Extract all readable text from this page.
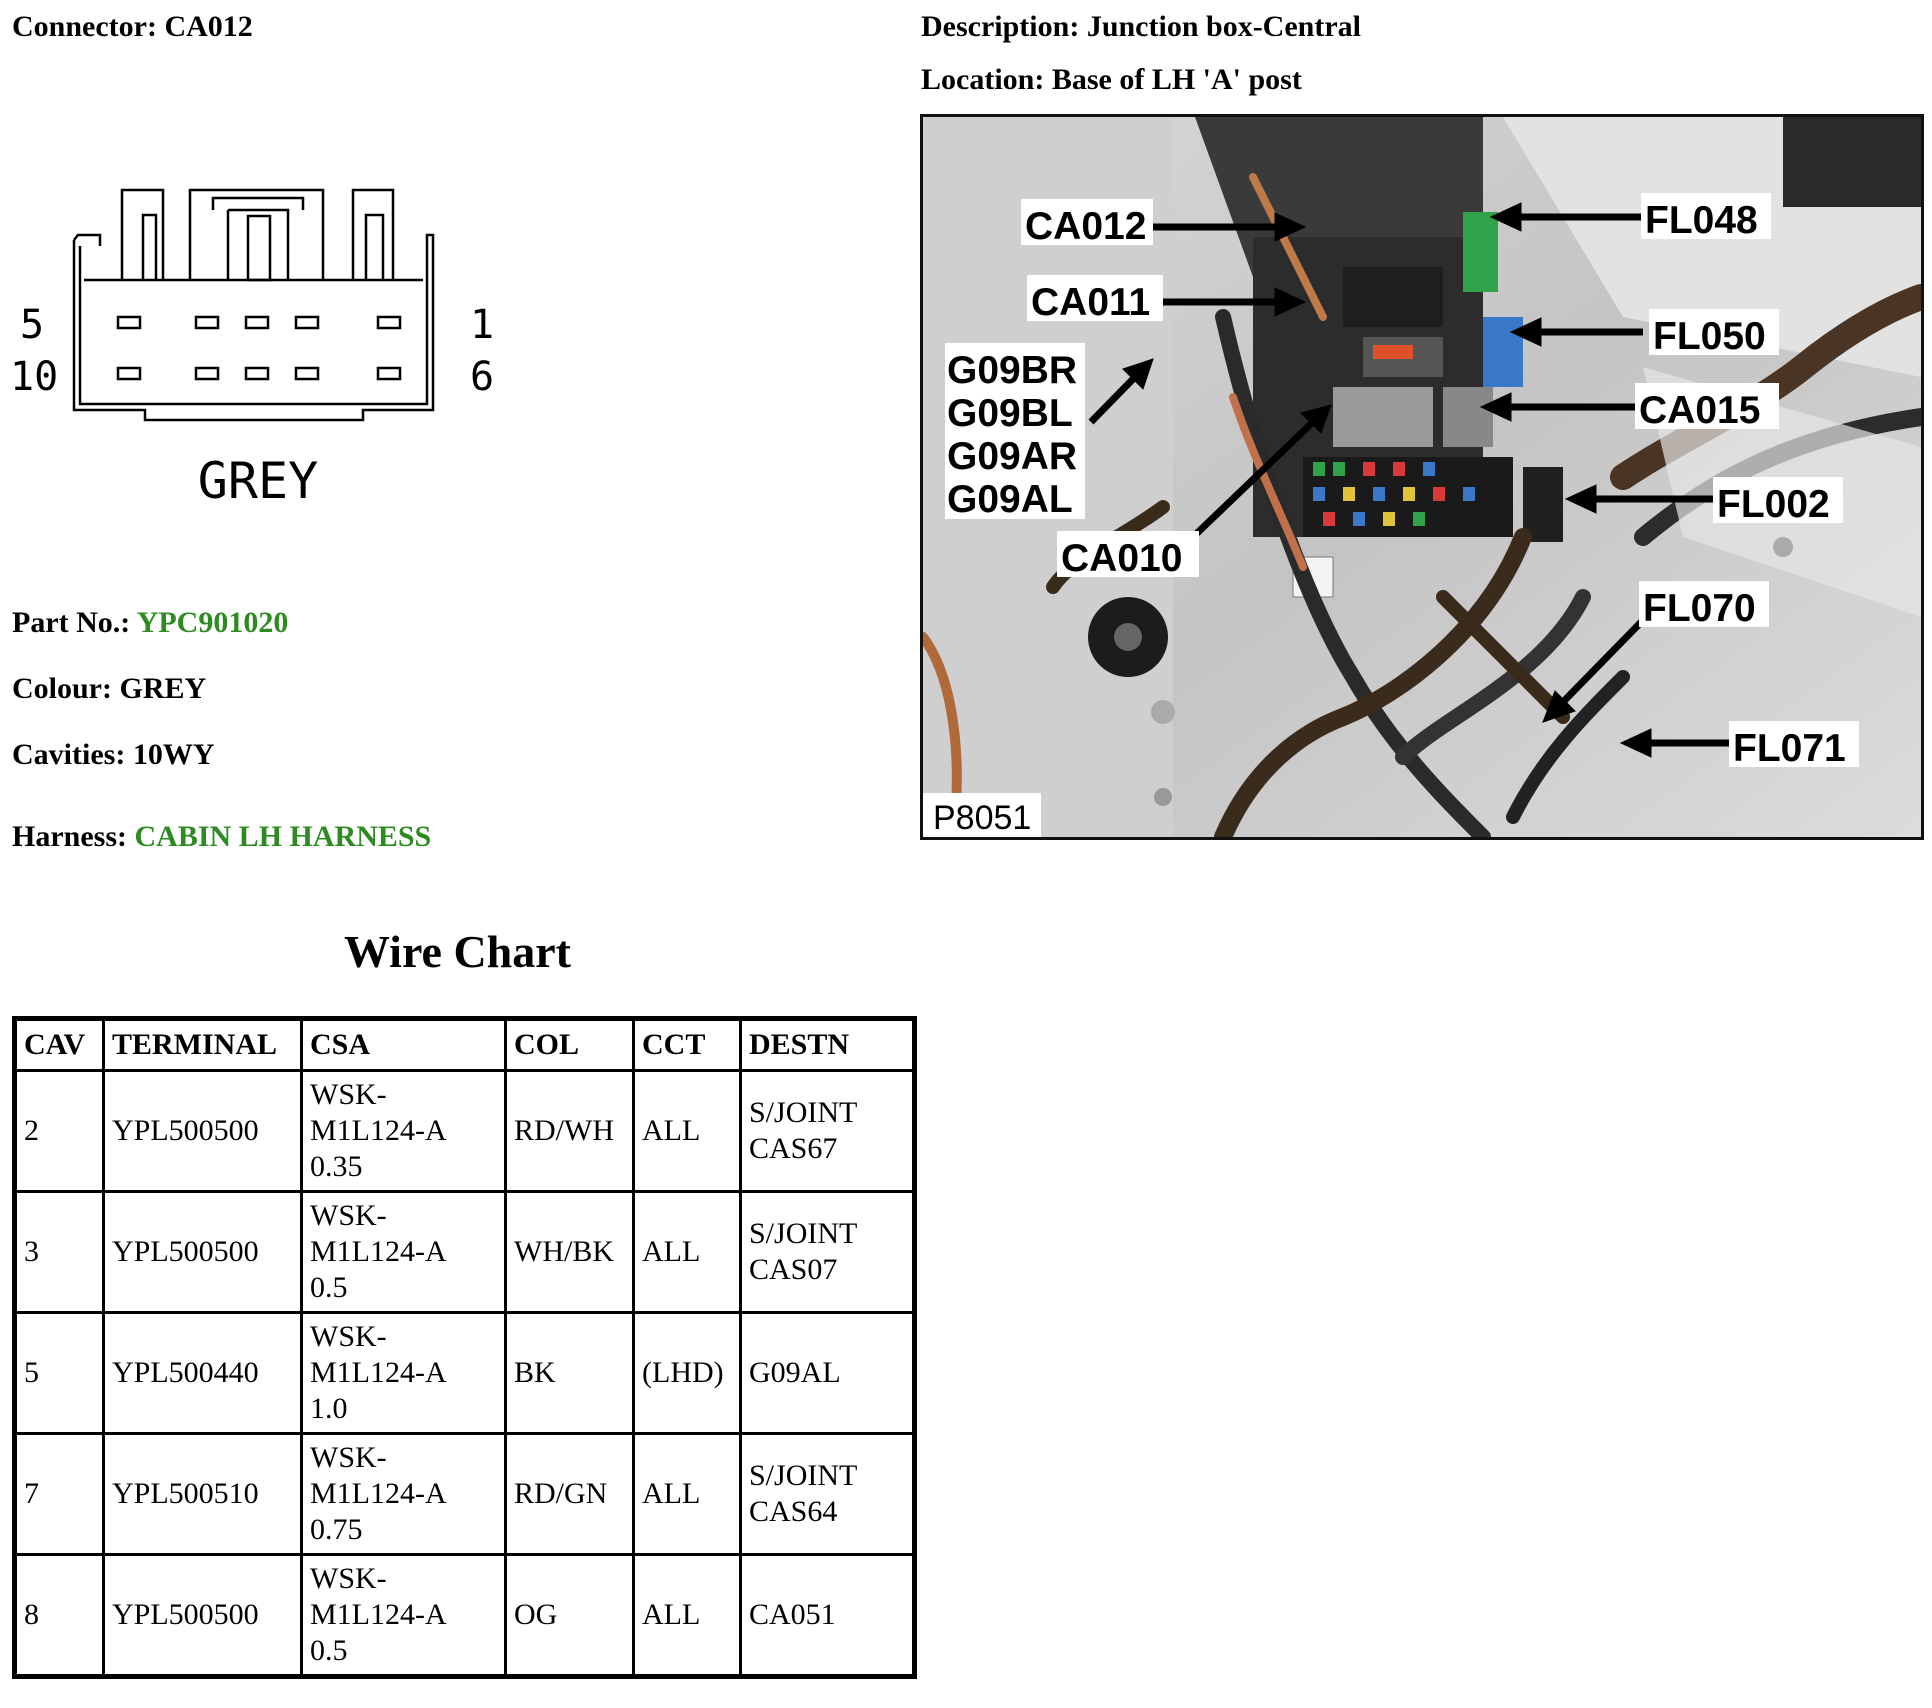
Connector: CA012	Description: Junction box-Central
Location: Base of LH 'A' post
5
10
1
6
GREY
Part No.: YPC901020
Colour: GREY
Cavities: 10WY
Harness: CABIN LH HARNESS
CA012
CA011
G09BR
G09BL
G09AR
G09AL
CA010
FL048
FL050
CA015
FL002
FL070
FL071
P8051
Wire Chart
CAV	TERMINAL	CSA	COL	CCT	DESTN
2	YPL500500	WSK-
M1L124-A
0.35	RD/WH	ALL	S/JOINT
CAS67
3	YPL500500	WSK-
M1L124-A
0.5	WH/BK	ALL	S/JOINT
CAS07
5	YPL500440	WSK-
M1L124-A
1.0	BK	(LHD)	G09AL
7	YPL500510	WSK-
M1L124-A
0.75	RD/GN	ALL	S/JOINT
CAS64
8	YPL500500	WSK-
M1L124-A
0.5	OG	ALL	CA051
